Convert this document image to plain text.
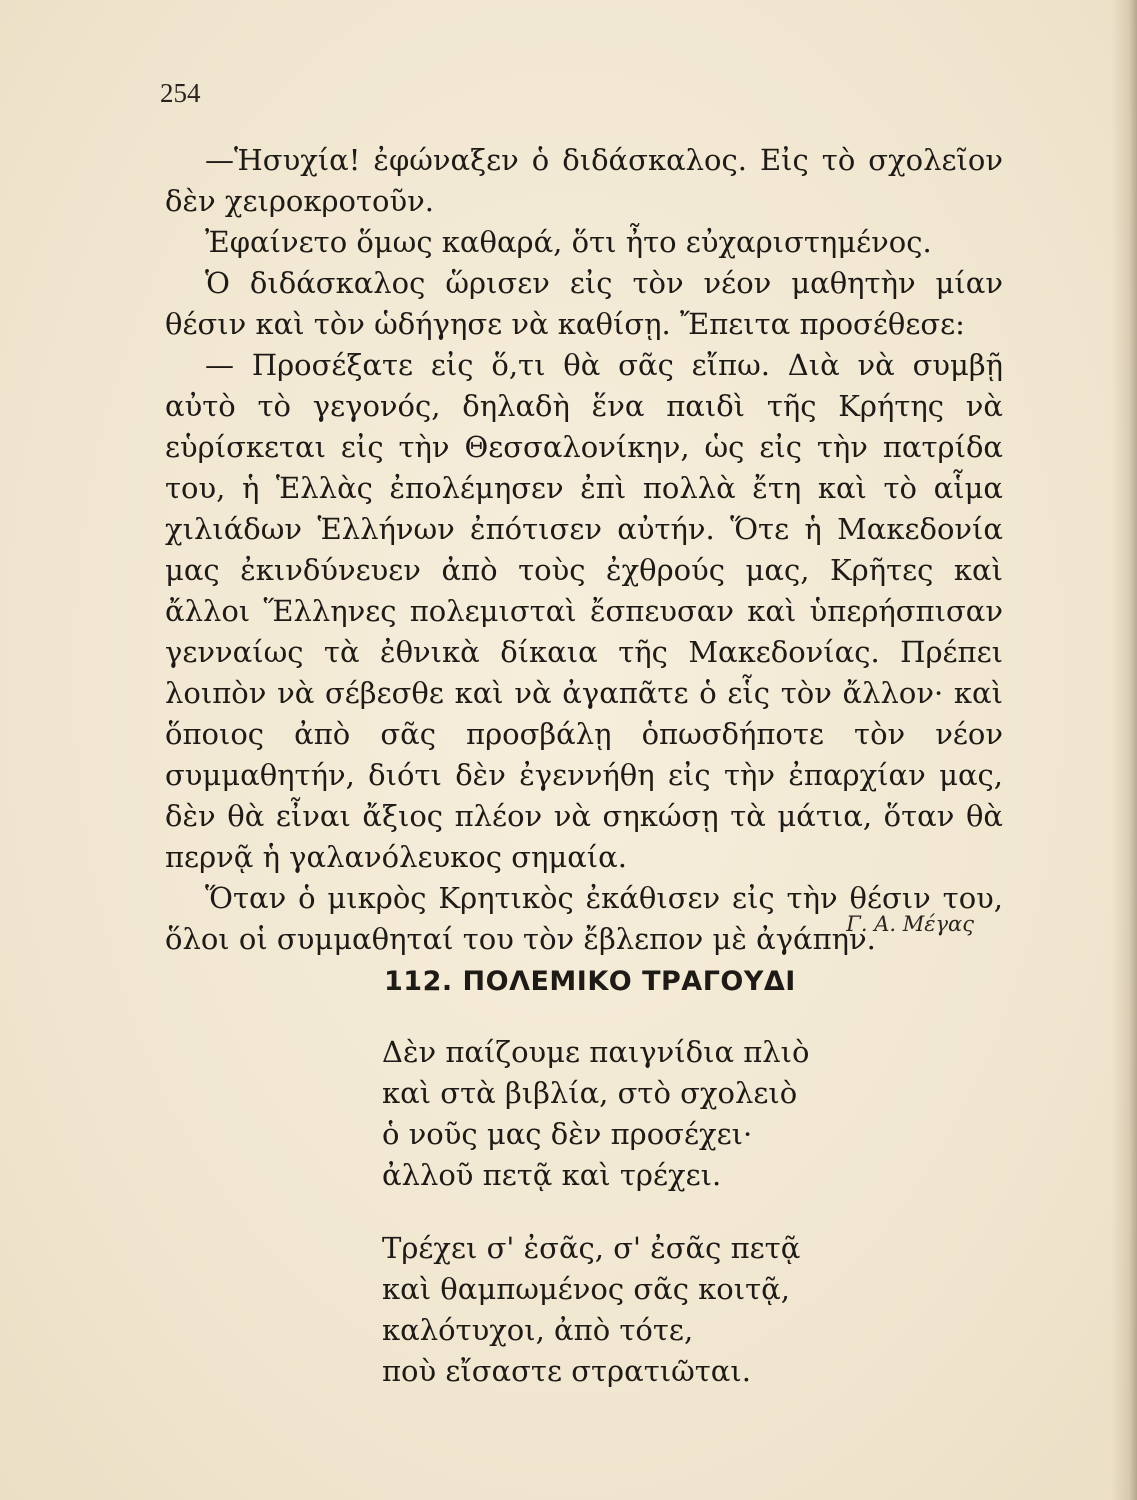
254

—Ἡσυχία! ἐφώναξεν ὁ διδάσκαλος. Εἰς τὸ σχολεῖον δὲν χειροκροτοῦν.

Ἐφαίνετο ὅμως καθαρά, ὅτι ἦτο εὐχαριστημένος.

Ὁ διδάσκαλος ὥρισεν εἰς τὸν νέον μαθητὴν μίαν θέσιν καὶ τὸν ὡδήγησε νὰ καθίσῃ. Ἔπειτα προσέθεσε:

— Προσέξατε εἰς ὅ,τι θὰ σᾶς εἴπω. Διὰ νὰ συμβῇ αὐτὸ τὸ γεγονός, δηλαδὴ ἕνα παιδὶ τῆς Κρήτης νὰ εὑρίσκεται εἰς τὴν Θεσσαλονίκην, ὡς εἰς τὴν πατρίδα του, ἡ Ἑλλὰς ἐπολέμησεν ἐπὶ πολλὰ ἔτη καὶ τὸ αἷμα χιλιάδων Ἑλλήνων ἐπότισεν αὐτήν. Ὅτε ἡ Μακεδονία μας ἐκινδύνευεν ἀπὸ τοὺς ἐχθρούς μας, Κρῆτες καὶ ἄλλοι Ἕλληνες πολεμισταὶ ἔσπευσαν καὶ ὑπερήσπισαν γενναίως τὰ ἐθνικὰ δίκαια τῆς Μακεδονίας. Πρέπει λοιπὸν νὰ σέβεσθε καὶ νὰ ἀγαπᾶτε ὁ εἷς τὸν ἄλλον· καὶ ὅποιος ἀπὸ σᾶς προσβάλῃ ὁπωσδήποτε τὸν νέον συμμαθητήν, διότι δὲν ἐγεννήθη εἰς τὴν ἐπαρχίαν μας, δὲν θὰ εἶναι ἄξιος πλέον νὰ σηκώσῃ τὰ μάτια, ὅταν θὰ περνᾷ ἡ γαλανόλευκος σημαία.

Ὅταν ὁ μικρὸς Κρητικὸς ἐκάθισεν εἰς τὴν θέσιν του, ὅλοι οἱ συμμαθηταί του τὸν ἔβλεπον μὲ ἀγάπην.

Γ. Α. Μέγας
112. ΠΟΛΕΜΙΚΟ ΤΡΑΓΟΥΔΙ
Δὲν παίζουμε παιγνίδια πλιὸ
καὶ στὰ βιβλία, στὸ σχολειὸ
ὁ νοῦς μας δὲν προσέχει·
ἀλλοῦ πετᾷ καὶ τρέχει.
Τρέχει σ' ἐσᾶς, σ' ἐσᾶς πετᾷ
καὶ θαμπωμένος σᾶς κοιτᾷ,
καλότυχοι, ἀπὸ τότε,
ποὺ εἴσαστε στρατιῶται.
